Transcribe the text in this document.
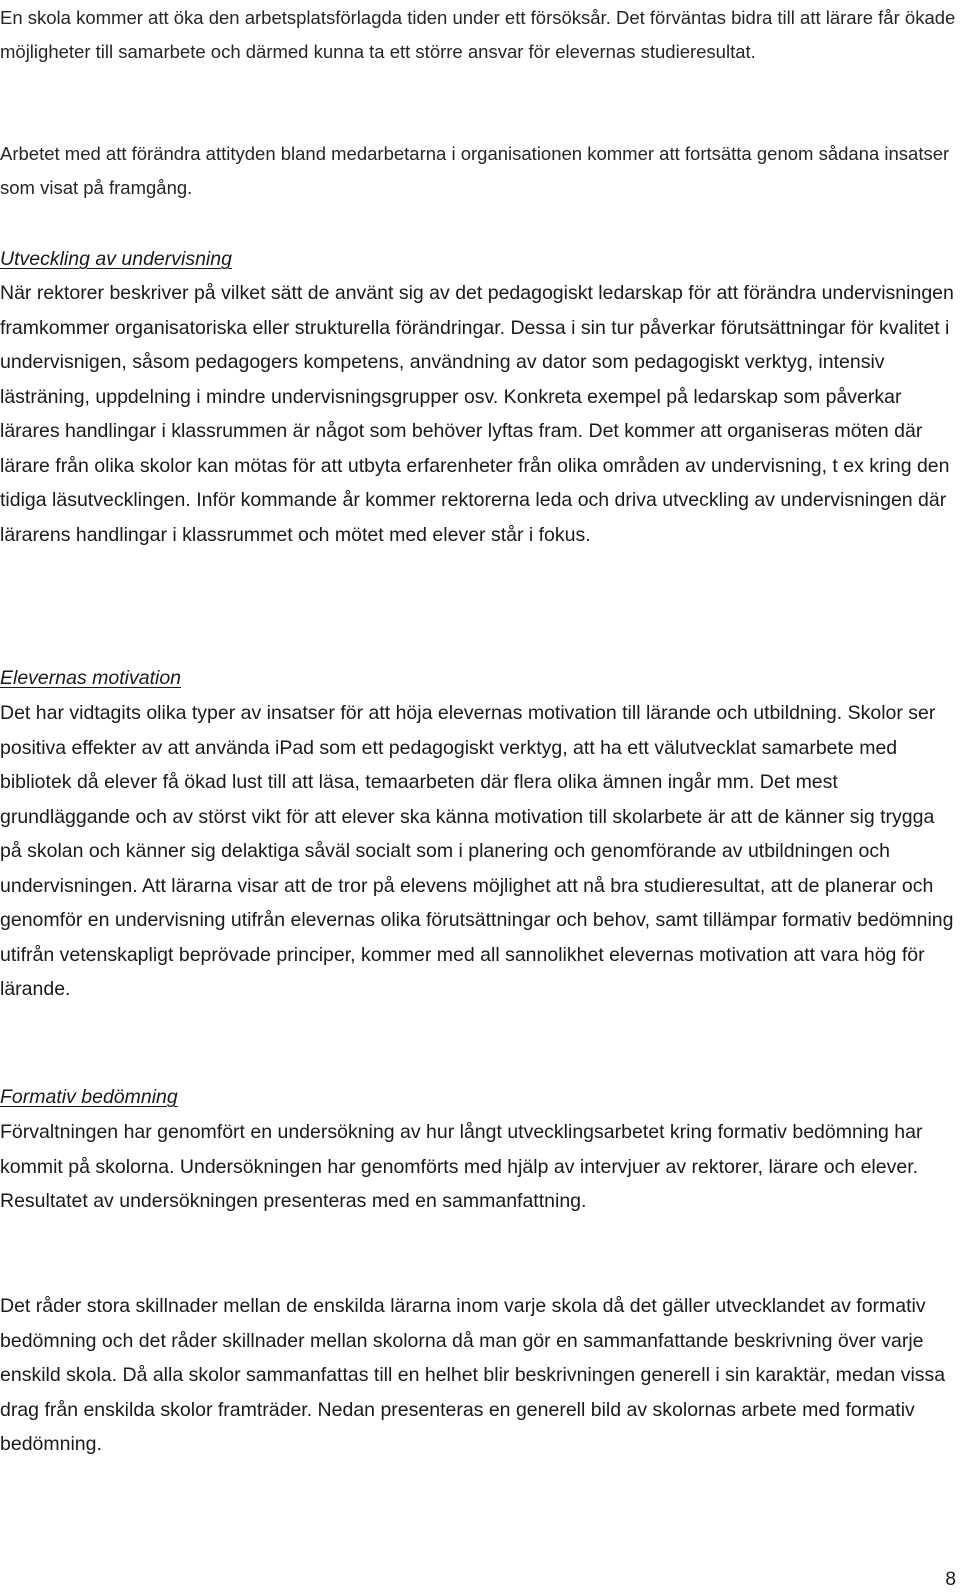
En skola kommer att öka den arbetsplatsförlagda tiden under ett försöksår. Det förväntas bidra till att lärare får ökade möjligheter till samarbete och därmed kunna ta ett större ansvar för elevernas studieresultat.

Arbetet med att förändra attityden bland medarbetarna i organisationen kommer att fortsätta genom sådana insatser som visat på framgång.

Utveckling av undervisning

När rektorer beskriver på vilket sätt de använt sig av det pedagogiskt ledarskap för att förändra undervisningen framkommer organisatoriska eller strukturella förändringar. Dessa i sin tur påverkar förutsättningar för kvalitet i undervisnigen, såsom pedagogers kompetens, användning av dator som pedagogiskt verktyg, intensiv lästräning, uppdelning i mindre undervisningsgrupper osv. Konkreta exempel på ledarskap som påverkar lärares handlingar i klassrummen är något som behöver lyftas fram. Det kommer att organiseras möten där lärare från olika skolor kan mötas för att utbyta erfarenheter från olika områden av undervisning, t ex kring den tidiga läsutvecklingen. Inför kommande år kommer rektorerna leda och driva utveckling av undervisningen där lärarens handlingar i klassrummet och mötet med elever står i fokus.

Elevernas motivation

Det har vidtagits olika typer av insatser för att höja elevernas motivation till lärande och utbildning. Skolor ser positiva effekter av att använda iPad som ett pedagogiskt verktyg, att ha ett välutvecklat samarbete med bibliotek då elever få ökad lust till att läsa, temaarbeten där flera olika ämnen ingår mm. Det mest grundläggande och av störst vikt för att elever ska känna motivation till skolarbete är att de känner sig trygga på skolan och känner sig delaktiga såväl socialt som i planering och genomförande av utbildningen och undervisningen. Att lärarna visar att de tror på elevens möjlighet att nå bra studieresultat, att de planerar och genomför en undervisning utifrån elevernas olika förutsättningar och behov, samt tillämpar formativ bedömning utifrån vetenskapligt beprövade principer, kommer med all sannolikhet elevernas motivation att vara hög för lärande.

Formativ bedömning

Förvaltningen har genomfört en undersökning av hur långt utvecklingsarbetet kring formativ bedömning har kommit på skolorna. Undersökningen har genomförts med hjälp av intervjuer av rektorer, lärare och elever. Resultatet av undersökningen presenteras med en sammanfattning.

Det råder stora skillnader mellan de enskilda lärarna inom varje skola då det gäller utvecklandet av formativ bedömning och det råder skillnader mellan skolorna då man gör en sammanfattande beskrivning över varje enskild skola. Då alla skolor sammanfattas till en helhet blir beskrivningen generell i sin karaktär, medan vissa drag från enskilda skolor framträder. Nedan presenteras en generell bild av skolornas arbete med formativ bedömning.

8
